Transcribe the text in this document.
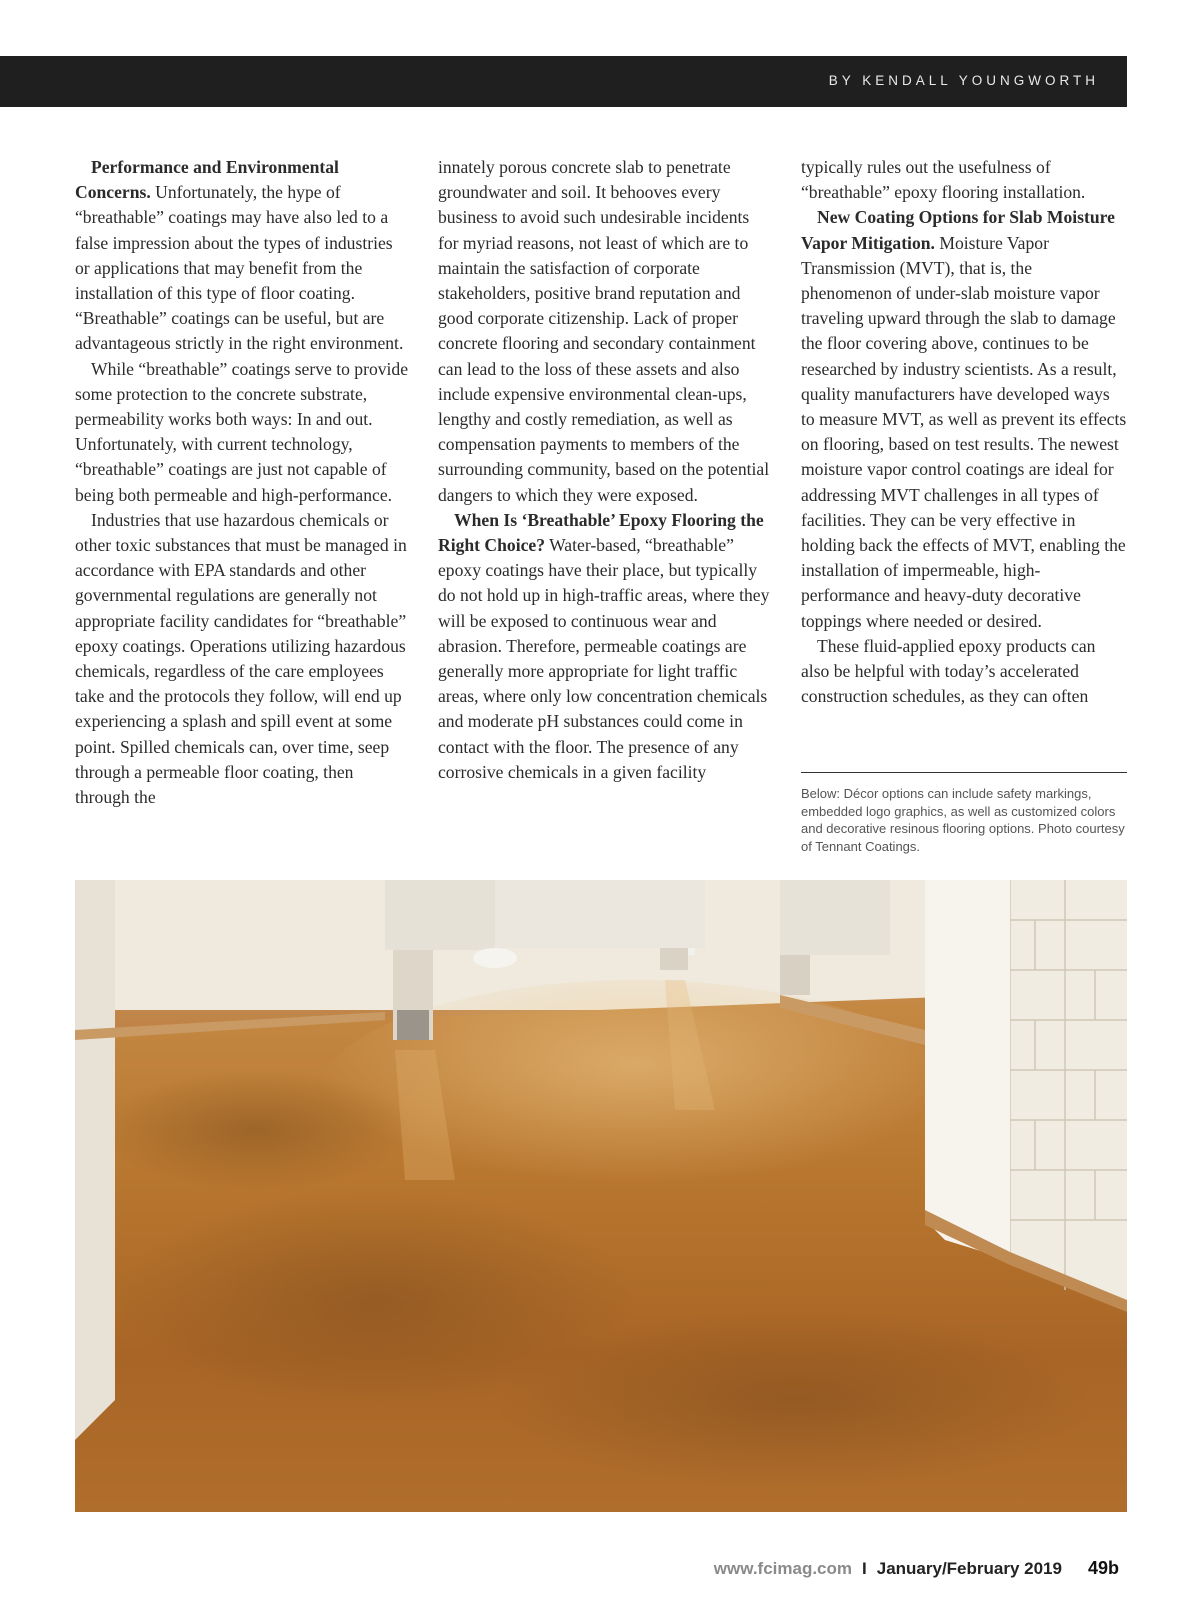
BY KENDALL YOUNGWORTH

Performance and Environmental Concerns. Unfortunately, the hype of “breathable” coatings may have also led to a false impression about the types of industries or applications that may benefit from the installation of this type of floor coating. “Breathable” coatings can be useful, but are advantageous strictly in the right environment.

While “breathable” coatings serve to provide some protection to the concrete substrate, permeability works both ways: In and out. Unfortunately, with current technology, “breathable” coatings are just not capable of being both permeable and high-performance.

Industries that use hazardous chemicals or other toxic substances that must be managed in accordance with EPA standards and other governmental regulations are generally not appropriate facility candidates for “breathable” epoxy coatings. Operations utilizing hazardous chemicals, regardless of the care employees take and the protocols they follow, will end up experiencing a splash and spill event at some point. Spilled chemicals can, over time, seep through a permeable floor coating, then through the

innately porous concrete slab to penetrate groundwater and soil. It behooves every business to avoid such undesirable incidents for myriad reasons, not least of which are to maintain the satisfaction of corporate stakeholders, positive brand reputation and good corporate citizenship. Lack of proper concrete flooring and secondary containment can lead to the loss of these assets and also include expensive environmental clean-ups, lengthy and costly remediation, as well as compensation payments to members of the surrounding community, based on the potential dangers to which they were exposed.

When Is ‘Breathable’ Epoxy Flooring the Right Choice? Water-based, “breathable” epoxy coatings have their place, but typically do not hold up in high-traffic areas, where they will be exposed to continuous wear and abrasion. Therefore, permeable coatings are generally more appropriate for light traffic areas, where only low concentration chemicals and moderate pH substances could come in contact with the floor. The presence of any corrosive chemicals in a given facility

typically rules out the usefulness of “breathable” epoxy flooring installation.

New Coating Options for Slab Moisture Vapor Mitigation. Moisture Vapor Transmission (MVT), that is, the phenomenon of under-slab moisture vapor traveling upward through the slab to damage the floor covering above, continues to be researched by industry scientists. As a result, quality manufacturers have developed ways to measure MVT, as well as prevent its effects on flooring, based on test results. The newest moisture vapor control coatings are ideal for addressing MVT challenges in all types of facilities. They can be very effective in holding back the effects of MVT, enabling the installation of impermeable, high-performance and heavy-duty decorative toppings where needed or desired.

These fluid-applied epoxy products can also be helpful with today’s accelerated construction schedules, as they can often

Below: Décor options can include safety markings, embedded logo graphics, as well as customized colors and decorative resinous flooring options. Photo courtesy of Tennant Coatings.
www.fcimag.com I January/February 2019 49b
